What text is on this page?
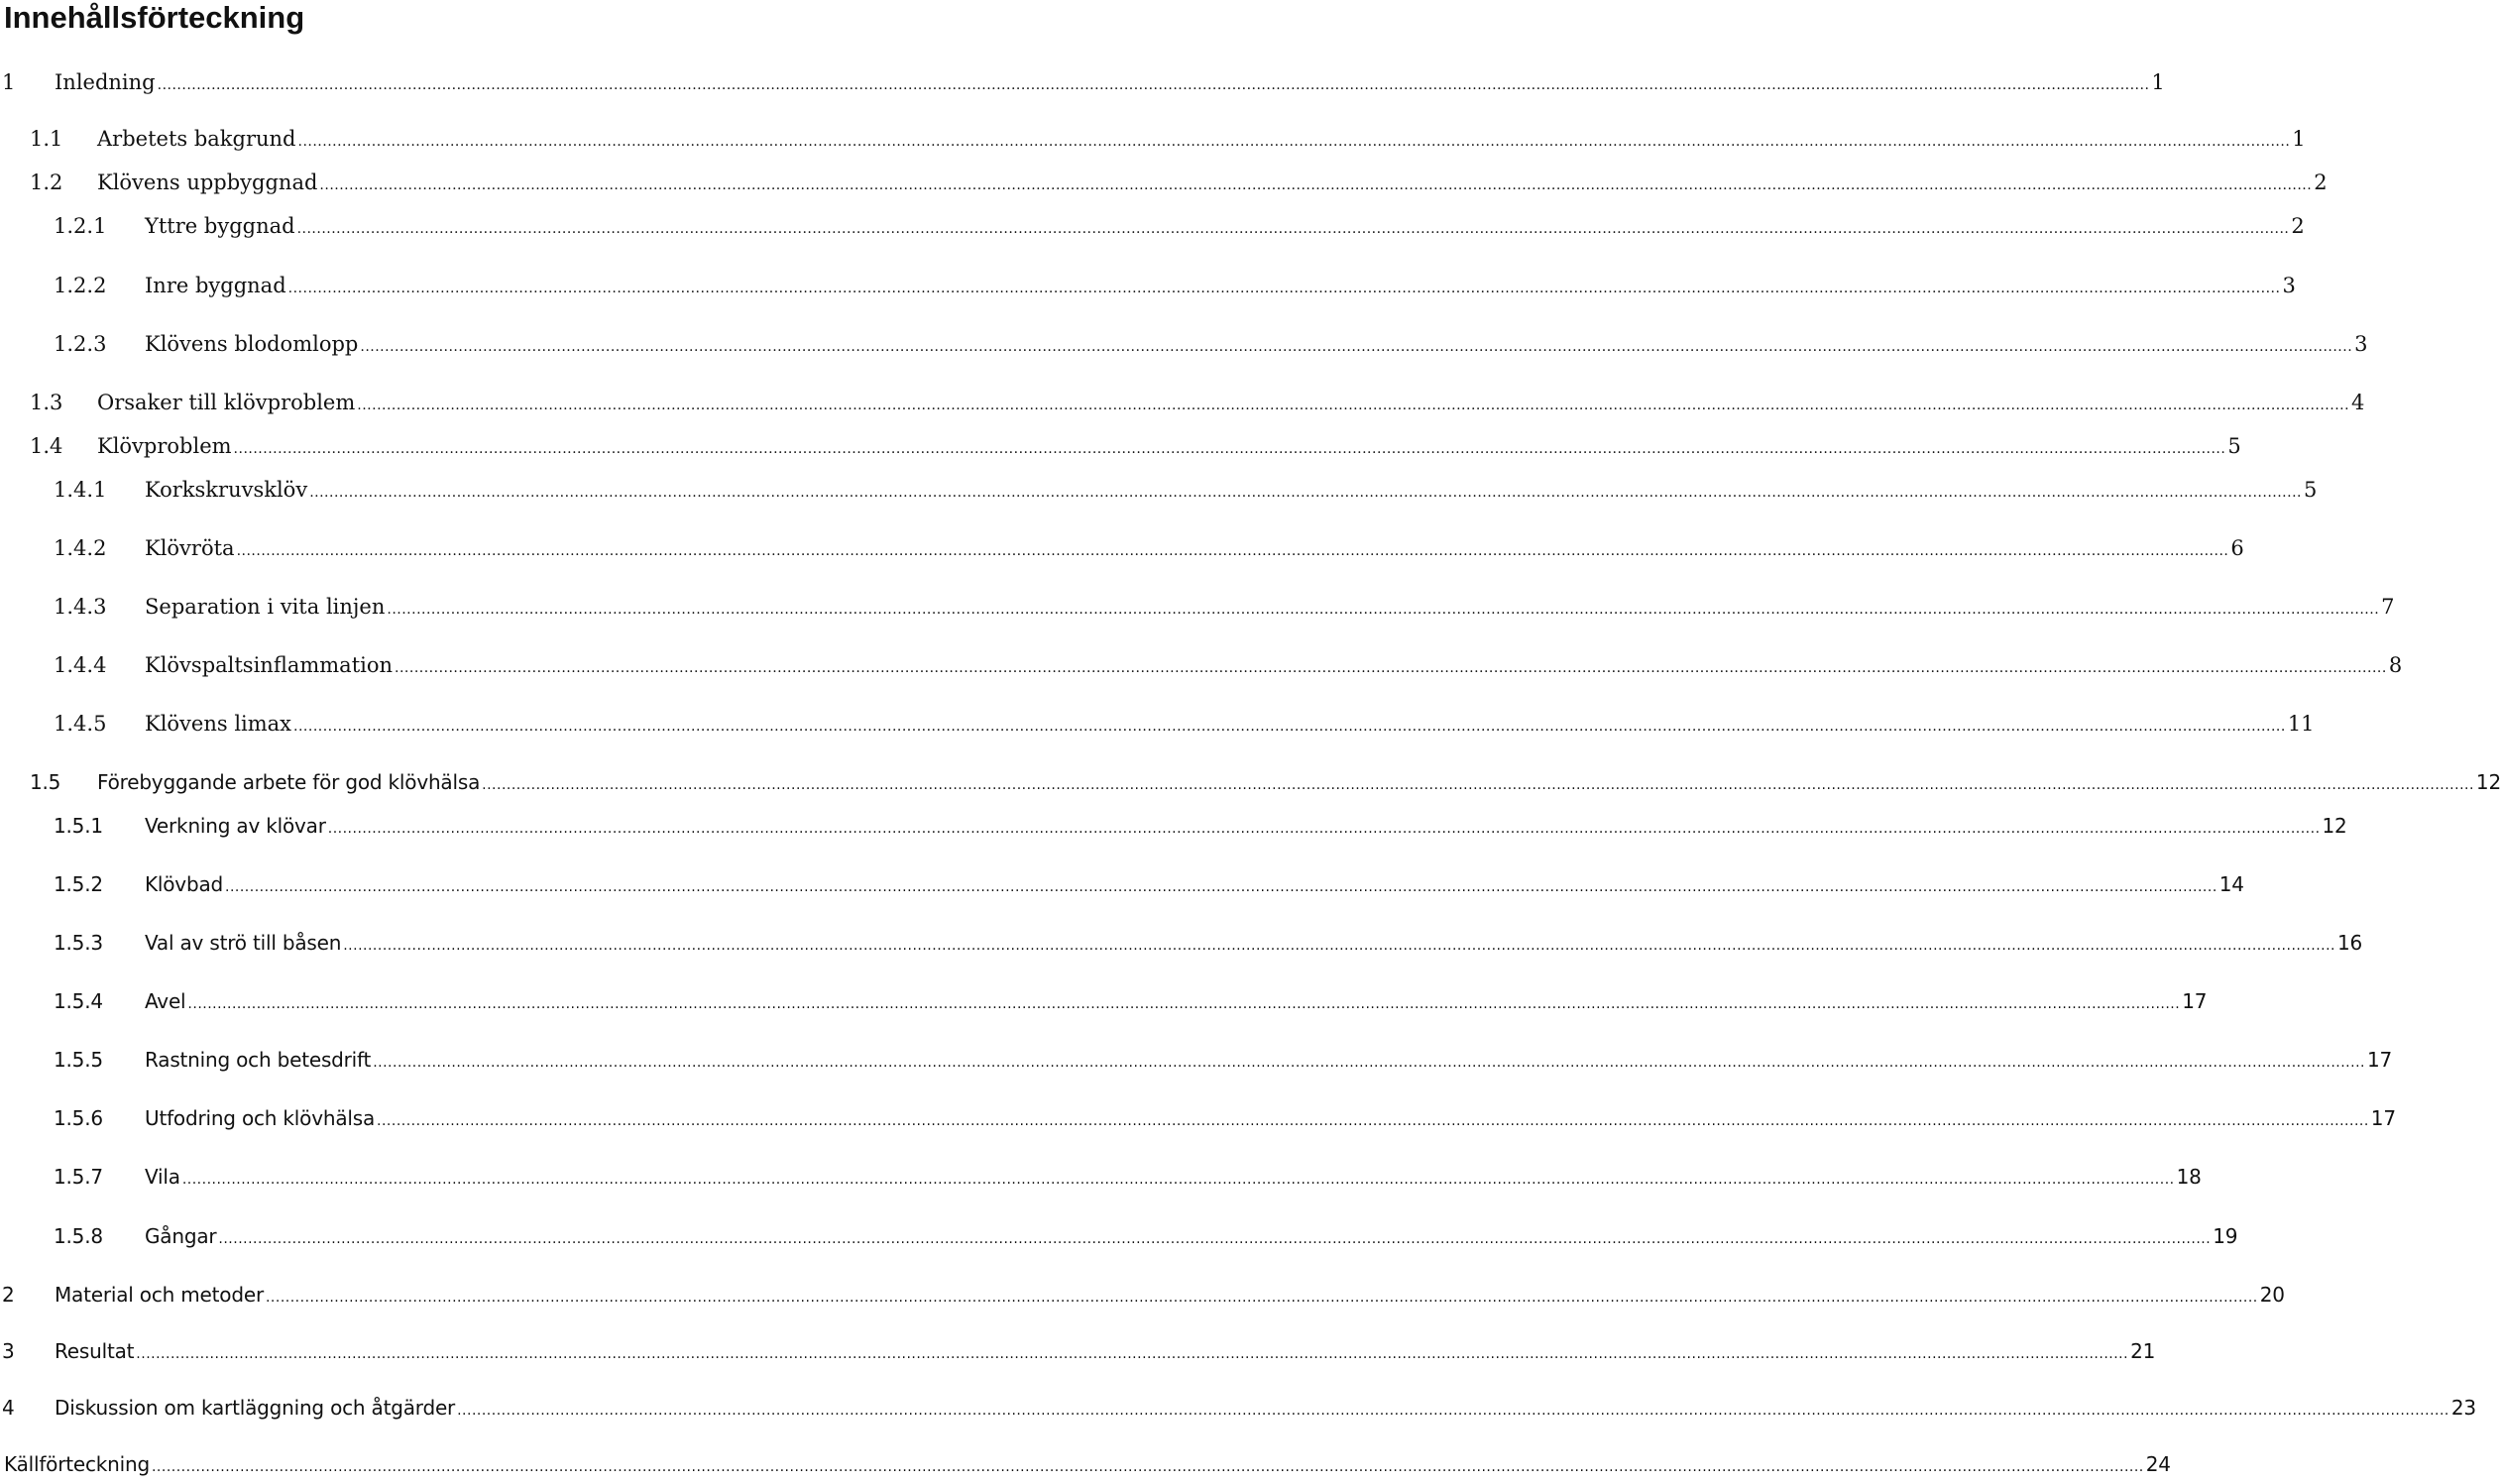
Innehållsförteckning
1	Inledning .....	1
1.1	Arbetets bakgrund .....	1
1.2	Klövens uppbyggnad .....	2
1.2.1	Yttre byggnad .....	2
1.2.2	Inre byggnad .....	3
1.2.3	Klövens blodomlopp .....	3
1.3	Orsaker till klövproblem .....	4
1.4	Klövproblem .....	5
1.4.1	Korkskruvsklöv .....	5
1.4.2	Klövröta .....	6
1.4.3	Separation i vita linjen .....	7
1.4.4	Klövspaltsinflammation .....	8
1.4.5	Klövens limax .....	11
1.5	Förebyggande arbete för god klövhälsa .....	12
1.5.1	Verkning av klövar .....	12
1.5.2	Klövbad .....	14
1.5.3	Val av strö till båsen .....	16
1.5.4	Avel .....	17
1.5.5	Rastning och betesdrift .....	17
1.5.6	Utfodring och klövhälsa .....	17
1.5.7	Vila .....	18
1.5.8	Gångar .....	19
2	Material och metoder .....	20
3	Resultat .....	21
4	Diskussion om kartläggning och åtgärder .....	23
Källförteckning .....	24
